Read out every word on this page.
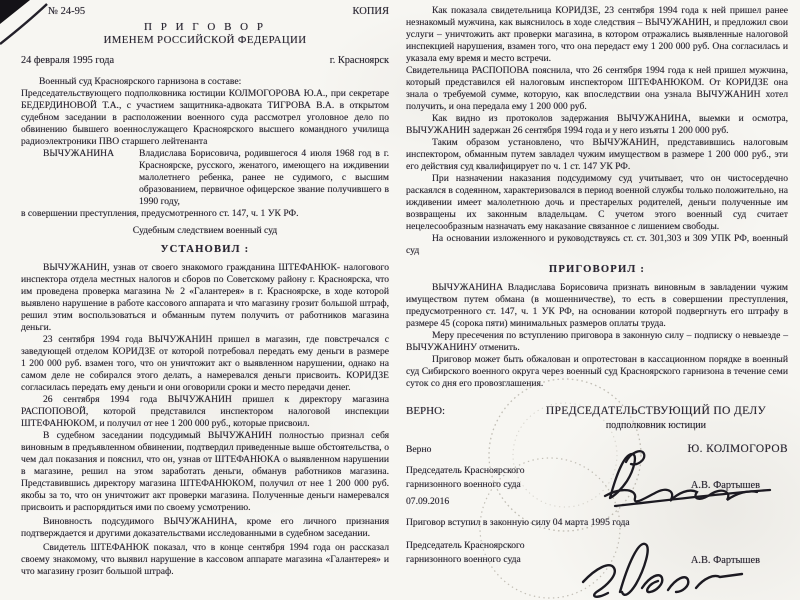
№ 24-95	КОПИЯ
П Р И Г О В О Р
ИМЕНЕМ РОССИЙСКОЙ ФЕДЕРАЦИИ
24 февраля 1995 года	г. Красноярск

Военный суд Красноярского гарнизона в составе:

Председательствующего подполковника юстиции КОЛМОГОРОВА Ю.А., при секретаре БЕДЕРДИНОВОЙ Т.А., с участием защитника-адвоката ТИГРОВА В.А. в открытом судебном заседании в расположении военного суда рассмотрел уголовное дело по обвинению бывшего военнослужащего Красноярского высшего командного училища радиоэлектроники ПВО старшего лейтенанта

ВЫЧУЖАНИНА	Владислава Борисовича, родившегося 4 июля 1968 год в г. Красноярске, русского, женатого, имеющего на иждивении малолетнего ребенка, ранее не судимого, с высшим образованием, первичное офицерское звание получившего в 1990 году,

в совершении преступления, предусмотренного ст. 147, ч. 1 УК РФ.

Судебным следствием военный суд
УСТАНОВИЛ :

ВЫЧУЖАНИН, узнав от своего знакомого гражданина ШТЕФАНЮК- налогового инспектора отдела местных налогов и сборов по Советскому району г. Красноярска, что им проведена проверка магазина № 2 «Галантерея» в г. Красноярске, в ходе которой выявлено нарушение в работе кассового аппарата и что магазину грозит большой штраф, решил этим воспользоваться и обманным путем получить от работников магазина деньги.

23 сентября 1994 года ВЫЧУЖАНИН пришел в магазин, где повстречался с заведующей отделом КОРИДЗЕ от которой потребовал передать ему деньги в размере 1 200 000 руб. взамен того, что он уничтожит акт о выявленном нарушении, однако на самом деле не собирался этого делать, а намеревался деньги присвоить. КОРИДЗЕ согласилась передать ему деньги и они оговорили сроки и место передачи денег.

26 сентября 1994 года ВЫЧУЖАНИН пришел к директору магазина РАСПОПОВОЙ, которой представился инспектором налоговой инспекции ШТЕФАНЮКОМ, и получил от нее 1 200 000 руб., которые присвоил.

В судебном заседании подсудимый ВЫЧУЖАНИН полностью признал себя виновным в предъявленном обвинении, подтвердил приведенные выше обстоятельства, о чем дал показания и пояснил, что он, узнав от ШТЕФАНЮКА о выявленном нарушении в магазине, решил на этом заработать деньги, обманув работников магазина. Представившись директору магазина ШТЕФАНЮКОМ, получил от нее 1 200 000 руб. якобы за то, что он уничтожит акт проверки магазина. Полученные деньги намеревался присвоить и распорядиться ими по своему усмотрению.

Виновность подсудимого ВЫЧУЖАНИНА, кроме его личного признания подтверждается и другими доказательствами исследованными в судебном заседании.

Свидетель ШТЕФАНЮК показал, что в конце сентября 1994 года он рассказал своему знакомому, что выявил нарушение в кассовом аппарате магазина «Галантерея» и что магазину грозит большой штраф.

Как показала свидетельница КОРИДЗЕ, 23 сентября 1994 года к ней пришел ранее незнакомый мужчина, как выяснилось в ходе следствия – ВЫЧУЖАНИН, и предложил свои услуги – уничтожить акт проверки магазина, в котором отражались выявленные налоговой инспекцией нарушения, взамен того, что она передаст ему 1 200 000 руб. Она согласилась и указала ему время и место встречи.

Свидетельница РАСПОПОВА пояснила, что 26 сентября 1994 года к ней пришел мужчина, который представился ей налоговым инспектором ШТЕФАНЮКОМ. От КОРИДЗЕ она знала о требуемой сумме, которую, как впоследствии она узнала ВЫЧУЖАНИН хотел получить, и она передала ему 1 200 000 руб.

Как видно из протоколов задержания ВЫЧУЖАНИНА, выемки и осмотра, ВЫЧУЖАНИН задержан 26 сентября 1994 года и у него изъяты 1 200 000 руб.

Таким образом установлено, что ВЫЧУЖАНИН, представившись налоговым инспектором, обманным путем завладел чужим имуществом в размере 1 200 000 руб., эти его действия суд квалифицирует по ч. 1 ст. 147 УК РФ.

При назначении наказания подсудимому суд учитывает, что он чистосердечно раскаялся в содеянном, характеризовался в период военной службы только положительно, на иждивении имеет малолетнюю дочь и престарелых родителей, деньги полученные им возвращены их законным владельцам. С учетом этого военный суд считает нецелесообразным назначать ему наказание связанное с лишением свободы.

На основании изложенного и руководствуясь ст. ст. 301,303 и 309 УПК РФ, военный суд

ПРИГОВОРИЛ :

ВЫЧУЖАНИНА Владислава Борисовича признать виновным в завладении чужим имуществом путем обмана (в мошенничестве), то есть в совершении преступления, предусмотренного ст. 147, ч. 1 УК РФ, на основании которой подвергнуть его штрафу в размере 45 (сорока пяти) минимальных размеров оплаты труда.

Меру пресечения по вступлению приговора в законную силу – подписку о невыезде – ВЫЧУЖАНИНУ отменить.

Приговор может быть обжалован и опротестован в кассационном порядке в военный суд Сибирского военного округа через военный суд Красноярского гарнизона в течение семи суток со дня его провозглашения.

ВЕРНО:	ПРЕДСЕДАТЕЛЬСТВУЮЩИЙ ПО ДЕЛУ
подполковник юстиции
Верно	Ю. КОЛМОГОРОВ
Председатель Красноярского
гарнизонного военного суда	А.В. Фартышев
07.09.2016
Приговор вступил в законную силу 04 марта 1995 года
Председатель Красноярского
гарнизонного военного суда	А.В. Фартышев
